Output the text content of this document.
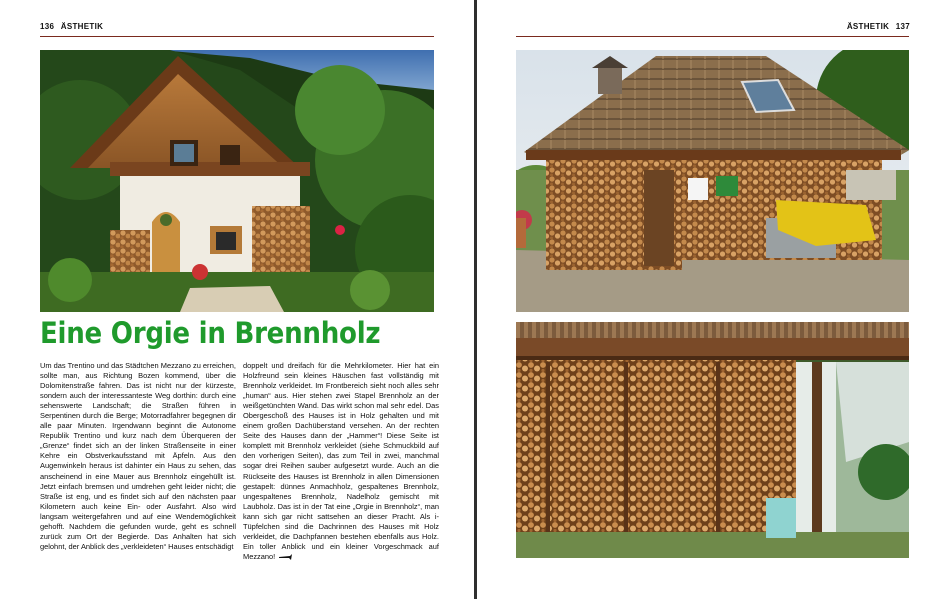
136 ÄSTHETIK
Eine Orgie in Brennholz

Um das Trentino und das Städtchen Mezzano zu erreichen, sollte man, aus Richtung Bozen kommend, über die Dolomitenstraße fahren. Das ist nicht nur der kürzeste, sondern auch der interessanteste Weg dorthin: durch eine sehenswerte Landschaft; die Straßen führen in Serpentinen durch die Berge; Motorradfahrer begegnen dir alle paar Minuten. Irgendwann beginnt die Autonome Republik Trentino und kurz nach dem Überqueren der „Grenze“ findet sich an der linken Straßenseite in einer Kehre ein Obstverkaufsstand mit Äpfeln. Aus den Augenwinkeln heraus ist dahinter ein Haus zu sehen, das anscheinend in eine Mauer aus Brennholz eingehüllt ist. Jetzt einfach bremsen und umdrehen geht leider nicht; die Straße ist eng, und es findet sich auf den nächsten paar Kilometern auch keine Ein- oder Ausfahrt. Also wird langsam weitergefahren und auf eine Wendemöglichkeit gehofft. Nachdem die gefunden wurde, geht es schnell zurück zum Ort der Begierde. Das Anhalten hat sich gelohnt, der Anblick des „verkleideten“ Hauses entschädigt

doppelt und dreifach für die Mehrkilometer. Hier hat ein Holzfreund sein kleines Häuschen fast vollständig mit Brennholz verkleidet. Im Frontbereich sieht noch alles sehr „human“ aus. Hier stehen zwei Stapel Brennholz an der weißgetünchten Wand. Das wirkt schon mal sehr edel. Das Obergeschoß des Hauses ist in Holz gehalten und mit einem großen Dachüberstand versehen. An der rechten Seite des Hauses dann der „Hammer“! Diese Seite ist komplett mit Brennholz verkleidet (siehe Schmuckbild auf den vorherigen Seiten), das zum Teil in zwei, manchmal sogar drei Reihen sauber aufgesetzt wurde. Auch an die Rückseite des Hauses ist Brennholz in allen Dimensionen gestapelt: dünnes Anmachholz, gespaltenes Brennholz, ungespaltenes Brennholz, Nadelholz gemischt mit Laubholz. Das ist in der Tat eine „Orgie in Brennholz“, man kann sich gar nicht sattsehen an dieser Pracht. Als i-Tüpfelchen sind die Dachrinnen des Hauses mit Holz verkleidet, die Dachpfannen bestehen ebenfalls aus Holz. Ein toller Anblick und ein kleiner Vorgeschmack auf Mezzano!

ÄSTHETIK 137
